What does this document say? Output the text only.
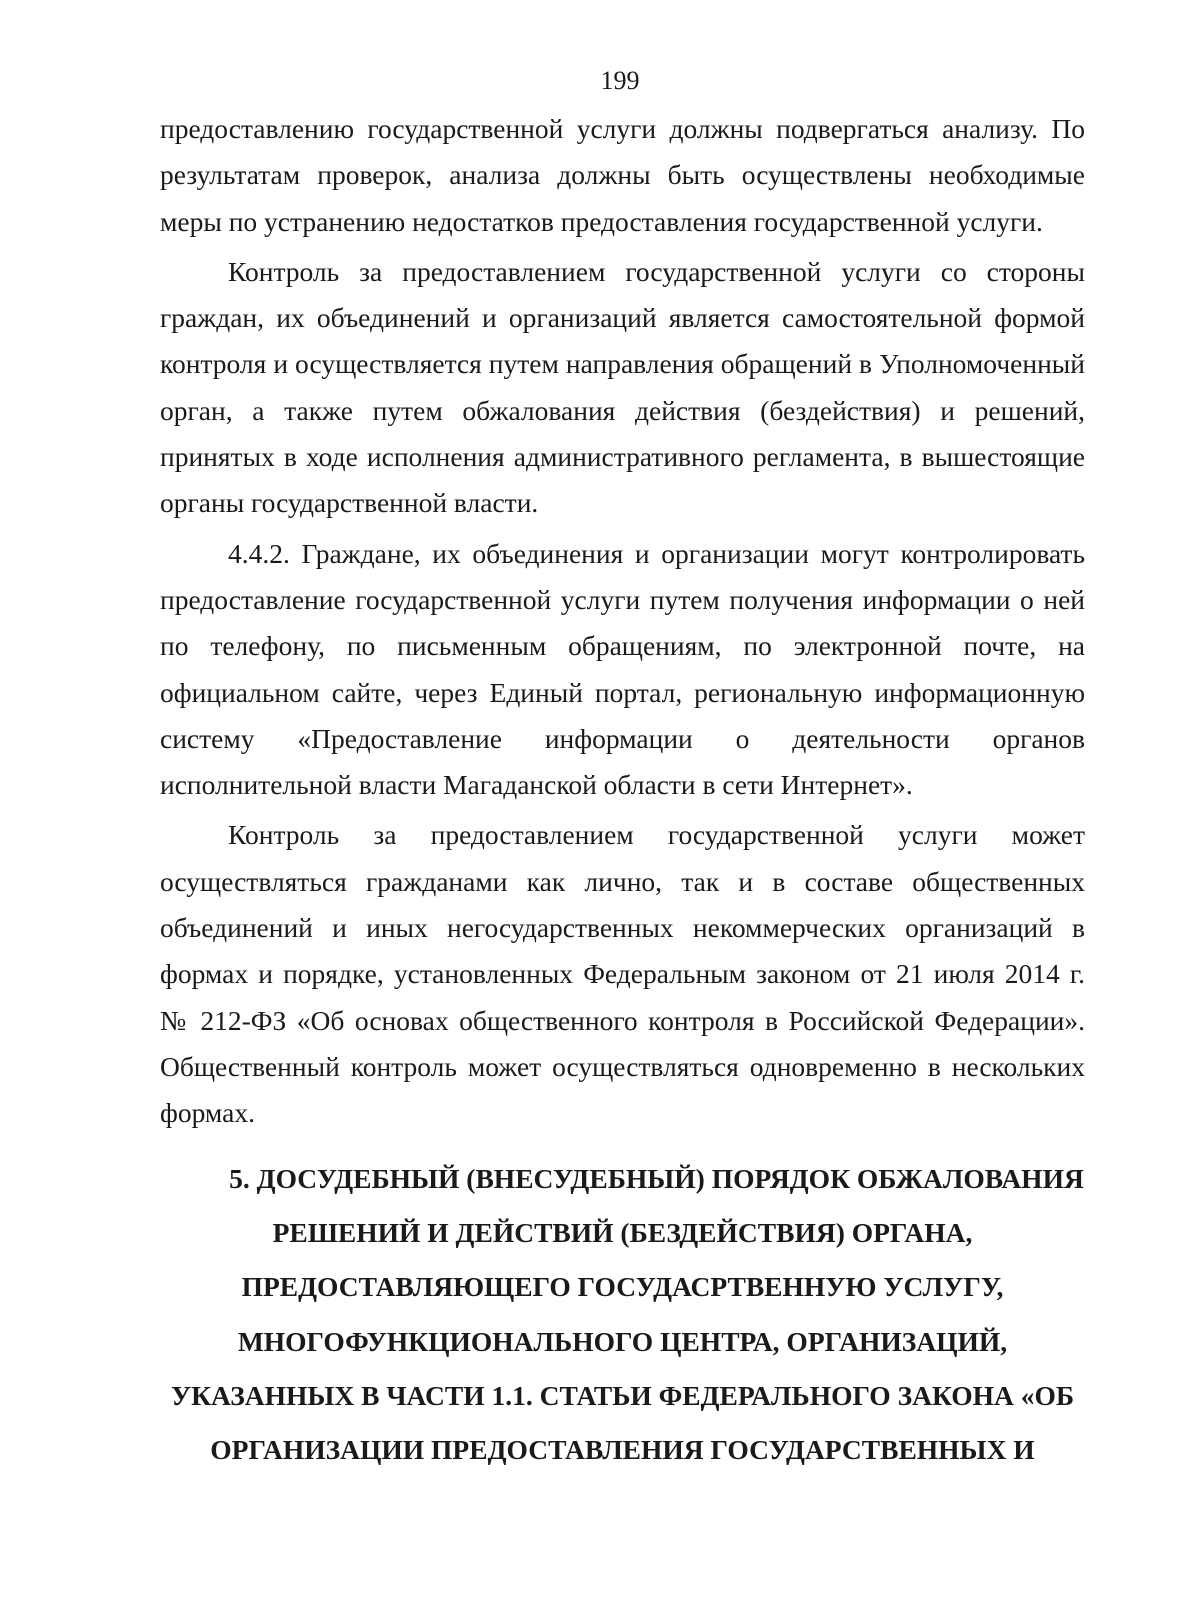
199

предоставлению государственной услуги должны подвергаться анализу. По результатам проверок, анализа должны быть осуществлены необходимые меры по устранению недостатков предоставления государственной услуги.

Контроль за предоставлением государственной услуги со стороны граждан, их объединений и организаций является самостоятельной формой контроля и осуществляется путем направления обращений в Уполномоченный орган, а также путем обжалования действия (бездействия) и решений, принятых в ходе исполнения административного регламента, в вышестоящие органы государственной власти.

4.4.2. Граждане, их объединения и организации могут контролировать предоставление государственной услуги путем получения информации о ней по телефону, по письменным обращениям, по электронной почте, на официальном сайте, через Единый портал, региональную информационную систему «Предоставление информации о деятельности органов исполнительной власти Магаданской области в сети Интернет».

Контроль за предоставлением государственной услуги может осуществляться гражданами как лично, так и в составе общественных объединений и иных негосударственных некоммерческих организаций в формах и порядке, установленных Федеральным законом от 21 июля 2014 г. № 212-ФЗ «Об основах общественного контроля в Российской Федерации». Общественный контроль может осуществляться одновременно в нескольких формах.

5. ДОСУДЕБНЫЙ (ВНЕСУДЕБНЫЙ) ПОРЯДОК ОБЖАЛОВАНИЯ
РЕШЕНИЙ И ДЕЙСТВИЙ (БЕЗДЕЙСТВИЯ) ОРГАНА,
ПРЕДОСТАВЛЯЮЩЕГО ГОСУДАСРТВЕННУЮ УСЛУГУ,
МНОГОФУНКЦИОНАЛЬНОГО ЦЕНТРА, ОРГАНИЗАЦИЙ,
УКАЗАННЫХ В ЧАСТИ 1.1. СТАТЬИ ФЕДЕРАЛЬНОГО ЗАКОНА «ОБ
ОРГАНИЗАЦИИ ПРЕДОСТАВЛЕНИЯ ГОСУДАРСТВЕННЫХ И
